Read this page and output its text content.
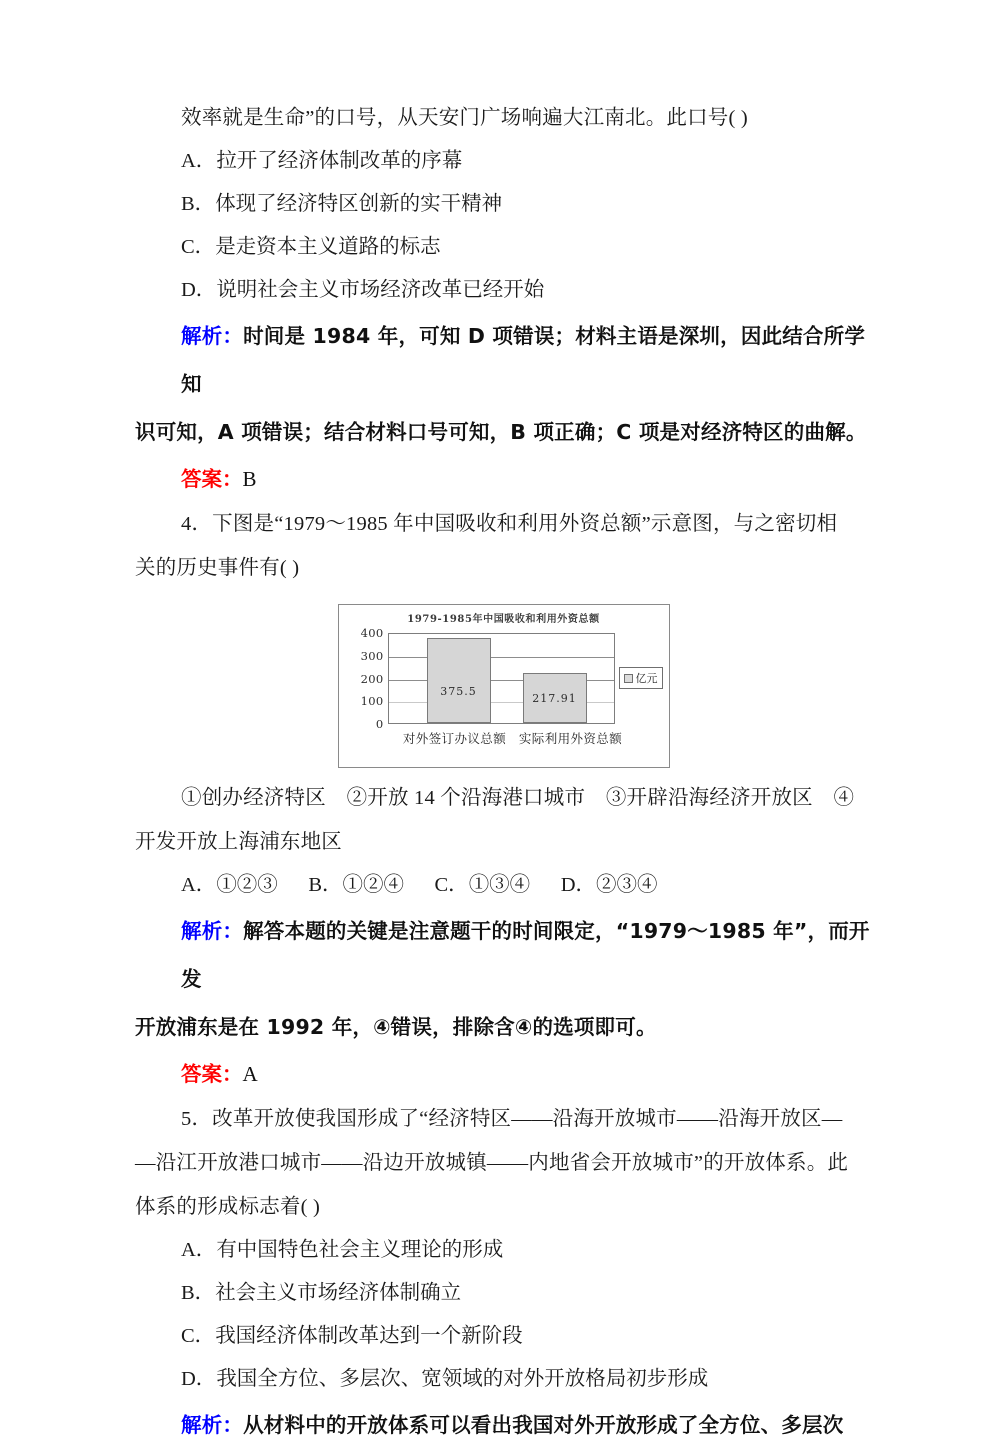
效率就是生命”的口号，从天安门广场响遍大江南北。此口号( )
A．拉开了经济体制改革的序幕
B．体现了经济特区创新的实干精神
C．是走资本主义道路的标志
D．说明社会主义市场经济改革已经开始
解析：时间是 1984 年，可知 D 项错误；材料主语是深圳，因此结合所学知
识可知，A 项错误；结合材料口号可知，B 项正确；C 项是对经济特区的曲解。
答案：B
4．下图是“1979～1985 年中国吸收和利用外资总额”示意图，与之密切相
关的历史事件有( )
1979-1985年中国吸收和利用外资总额
400
300
200
100
0
375.5
217.91
对外签订办议总额	实际利用外资总额
亿元
①创办经济特区　②开放 14 个沿海港口城市　③开辟沿海经济开放区　④
开发开放上海浦东地区
A．①②③ B．①②④ C．①③④ D．②③④
解析：解答本题的关键是注意题干的时间限定，“1979～1985 年”，而开发
开放浦东是在 1992 年，④错误，排除含④的选项即可。
答案：A
5．改革开放使我国形成了“经济特区——沿海开放城市——沿海开放区—
—沿江开放港口城市——沿边开放城镇——内地省会开放城市”的开放体系。此
体系的形成标志着( )
A．有中国特色社会主义理论的形成
B．社会主义市场经济体制确立
C．我国经济体制改革达到一个新阶段
D．我国全方位、多层次、宽领域的对外开放格局初步形成
解析：从材料中的开放体系可以看出我国对外开放形成了全方位、多层次
